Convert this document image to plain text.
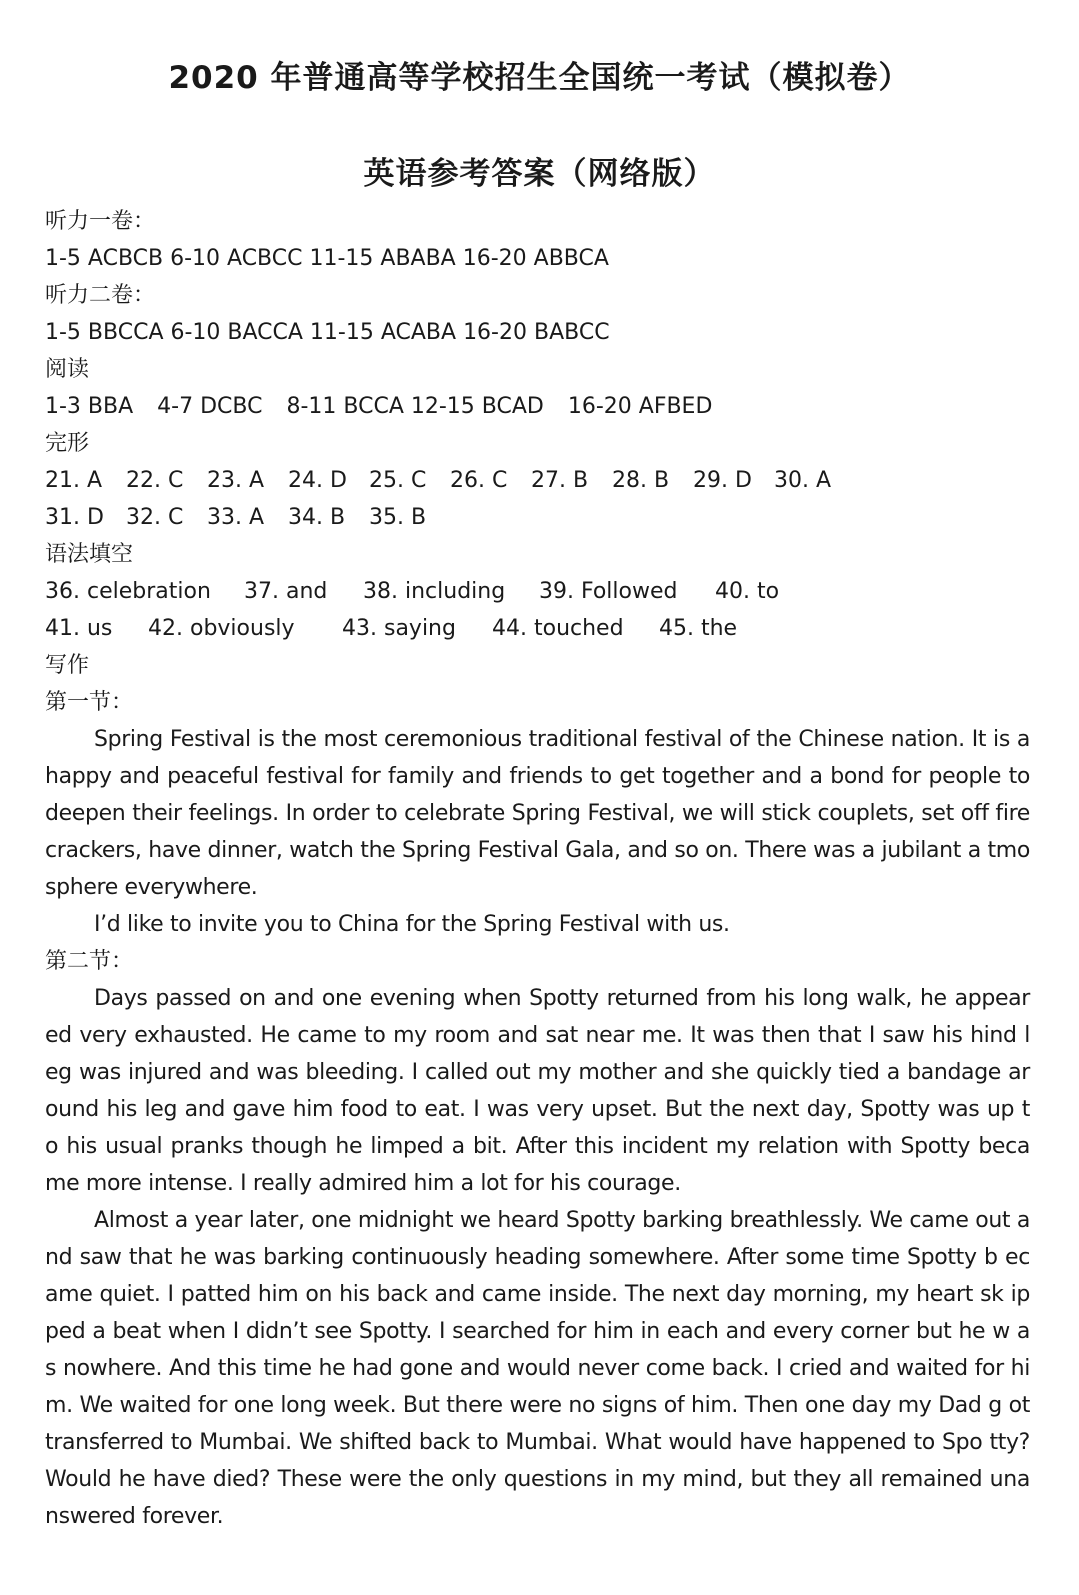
2020 年普通高等学校招生全国统一考试（模拟卷）
英语参考答案（网络版）
听力一卷：
1-5 ACBCB 6-10 ACBCC 11-15 ABABA 16-20 ABBCA
听力二卷：
1-5 BBCCA 6-10 BACCA 11-15 ACABA 16-20 BABCC
阅读
1-3 BBA 4-7 DCBC 8-11 BCCA 12-15 BCAD 16-20 AFBED
完形
21. A	22. C	23. A	24. D	25. C	26. C	27. B	28. B	29. D	30. A
31. D	32. C	33. A	34. B	35. B
语法填空
36. celebration	37. and	38. including	39. Followed	40. to
41. us	42. obviously	43. saying	44. touched	45. the
写作
第一节：
Spring Festival is the most ceremonious traditional festival of the Chinese nation. It is a happy and peaceful festival for family and friends to get together and a bond for people to deepen their feelings. In order to celebrate Spring Festival, we will stick couplets, set off firecrackers, have dinner, watch the Spring Festival Gala, and so on. There was a jubilant a tmosphere everywhere.
I’d like to invite you to China for the Spring Festival with us.
第二节：
Days passed on and one evening when Spotty returned from his long walk, he appear ed very exhausted. He came to my room and sat near me. It was then that I saw his hind l eg was injured and was bleeding. I called out my mother and she quickly tied a bandage ar ound his leg and gave him food to eat. I was very upset. But the next day, Spotty was up t o his usual pranks though he limped a bit. After this incident my relation with Spotty beca me more intense. I really admired him a lot for his courage.
Almost a year later, one midnight we heard Spotty barking breathlessly. We came out and saw that he was barking continuously heading somewhere. After some time Spotty b ecame quiet. I patted him on his back and came inside. The next day morning, my heart sk ipped a beat when I didn’t see Spotty. I searched for him in each and every corner but he w as nowhere. And this time he had gone and would never come back. I cried and waited for him. We waited for one long week. But there were no signs of him. Then one day my Dad g ot transferred to Mumbai. We shifted back to Mumbai. What would have happened to Spo tty? Would he have died? These were the only questions in my mind, but they all remained unanswered forever.
